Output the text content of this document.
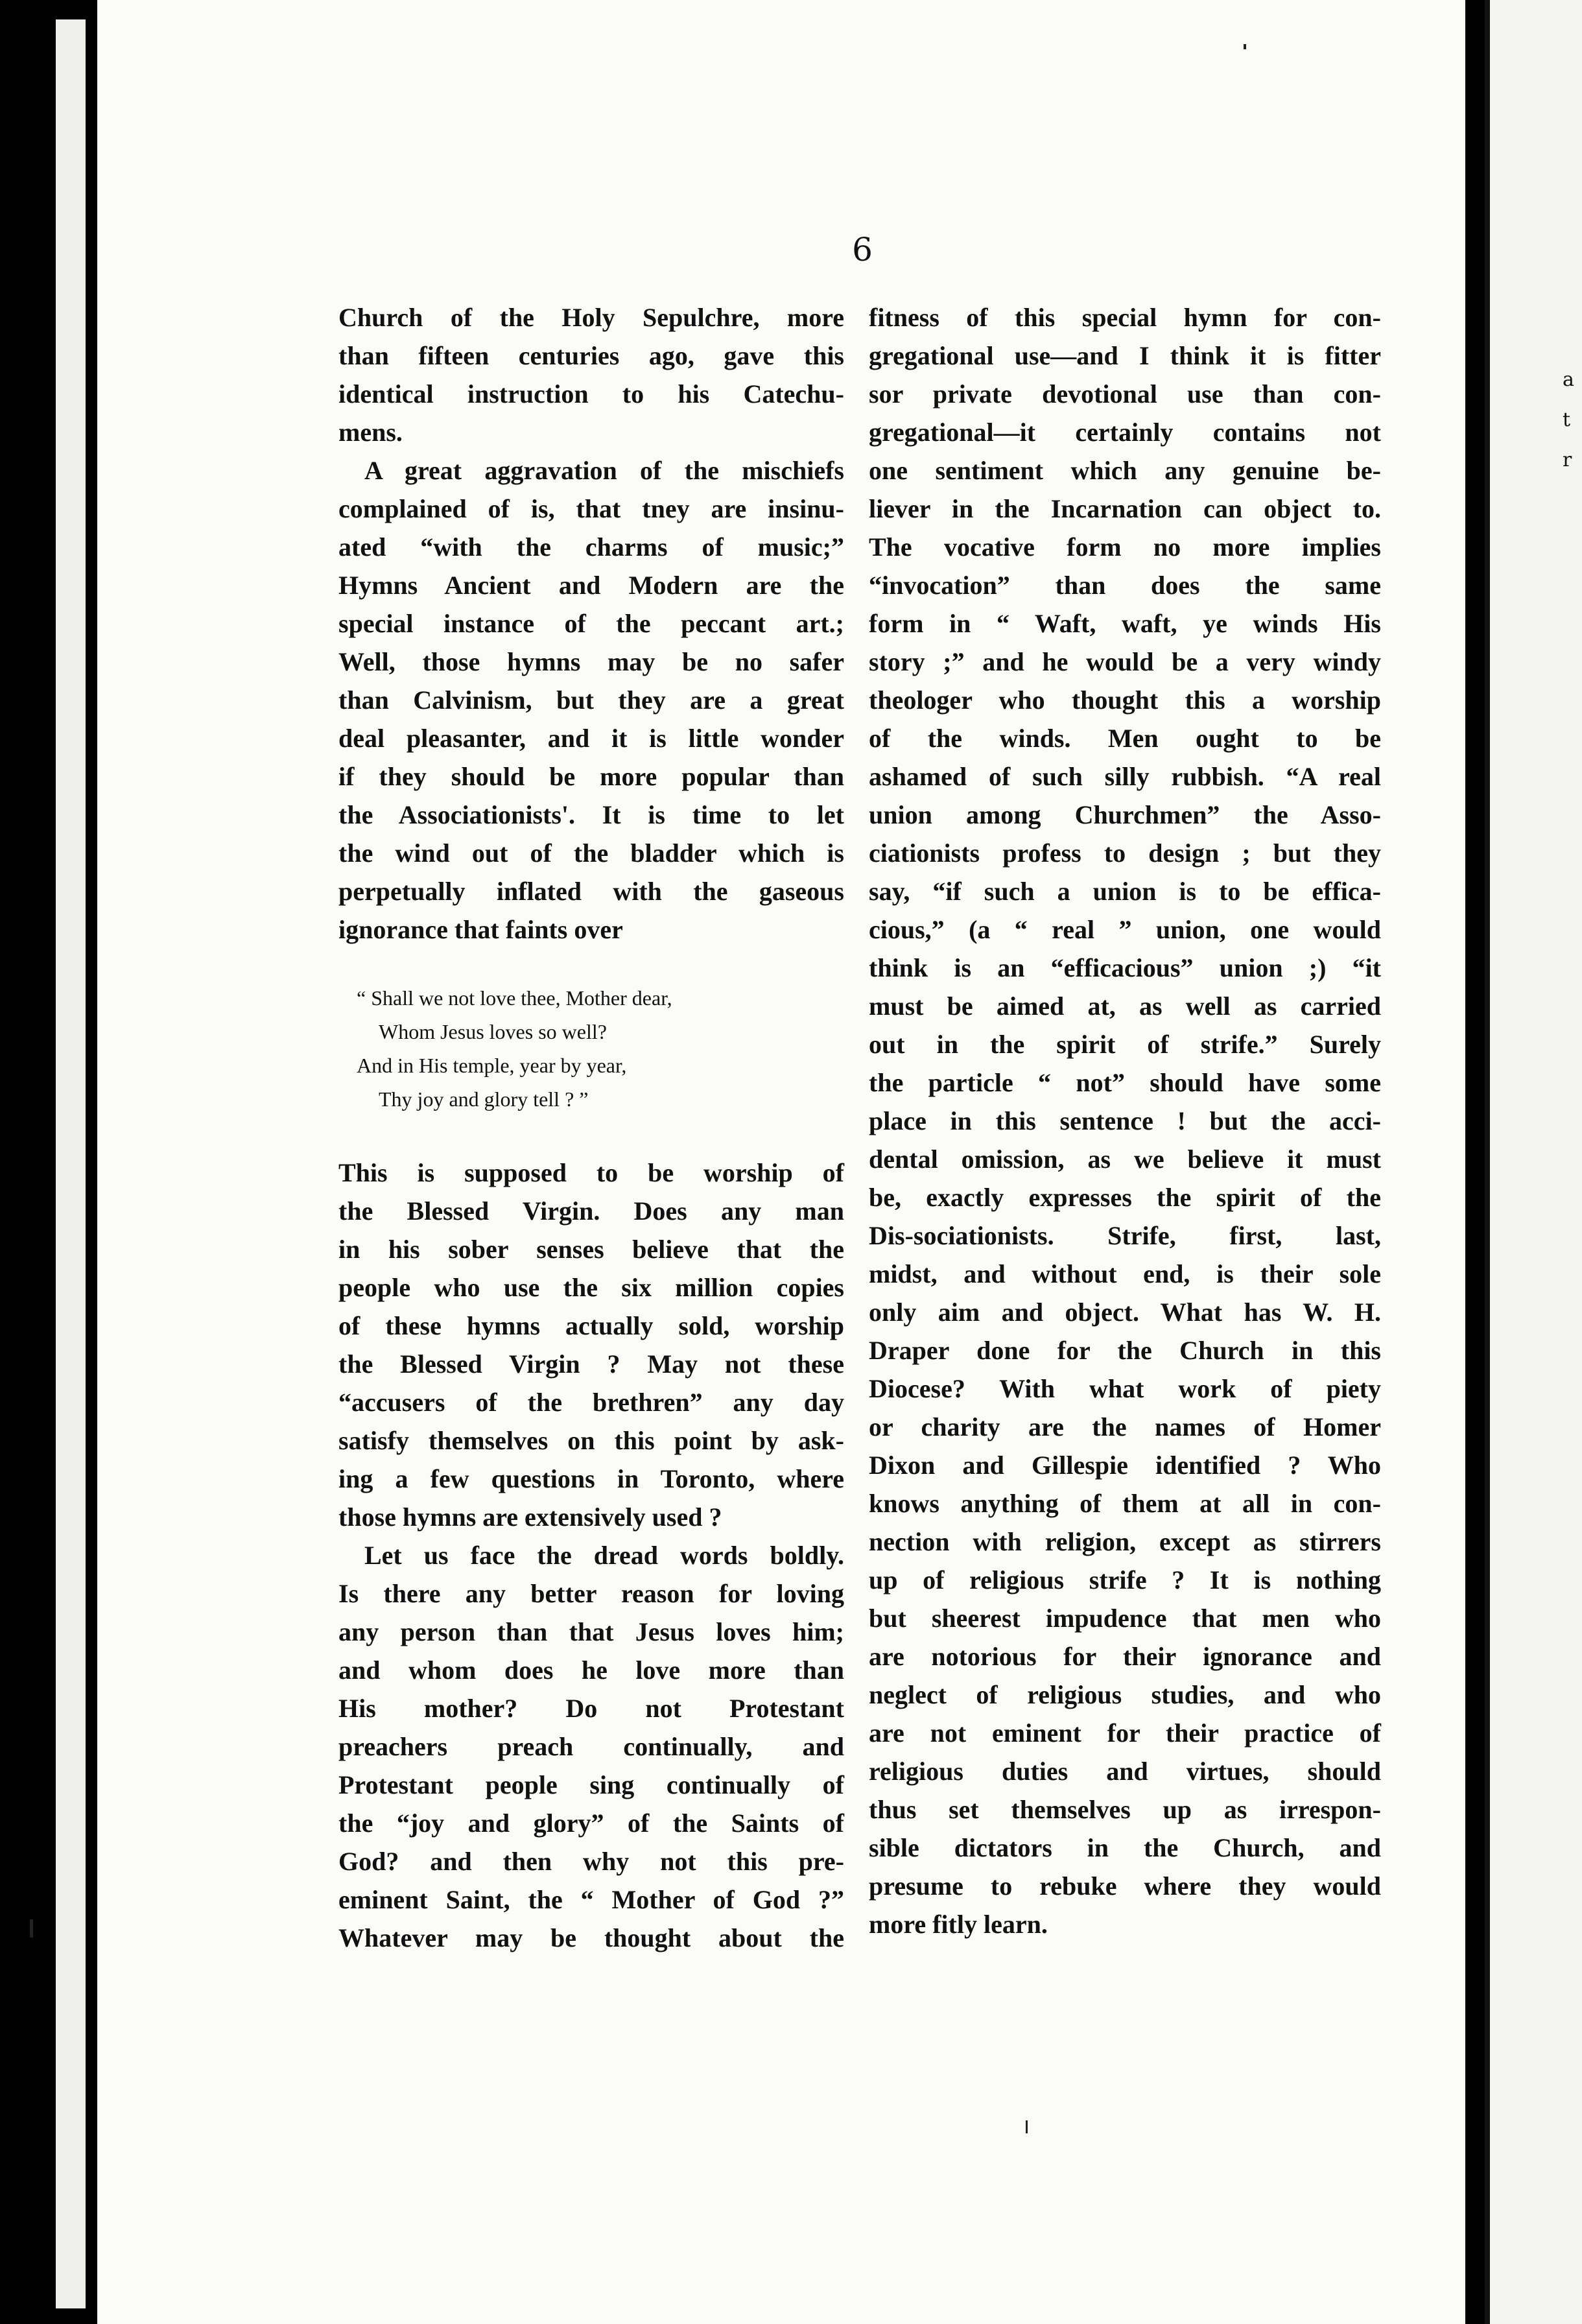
a
t
r
6
Church of the Holy Sepulchre, more
than fifteen centuries ago, gave this
identical instruction to his Catechu-
mens.
A great aggravation of the mischiefs
complained of is, that tney are insinu-
ated “with the charms of music;”
Hymns Ancient and Modern are the
special instance of the peccant art.;
Well, those hymns may be no safer
than Calvinism, but they are a great
deal pleasanter, and it is little wonder
if they should be more popular than
the Associationists'. It is time to let
the wind out of the bladder which is
perpetually inflated with the gaseous
ignorance that faints over
“ Shall we not love thee, Mother dear,
Whom Jesus loves so well?
And in His temple, year by year,
Thy joy and glory tell ? ”
This is supposed to be worship of
the Blessed Virgin. Does any man
in his sober senses believe that the
people who use the six million copies
of these hymns actually sold, worship
the Blessed Virgin ? May not these
“accusers of the brethren” any day
satisfy themselves on this point by ask-
ing a few questions in Toronto, where
those hymns are extensively used ?
Let us face the dread words boldly.
Is there any better reason for loving
any person than that Jesus loves him;
and whom does he love more than
His mother? Do not Protestant
preachers preach continually, and
Protestant people sing continually of
the “joy and glory” of the Saints of
God? and then why not this pre-
eminent Saint, the “ Mother of God ?”
Whatever may be thought about the
fitness of this special hymn for con-
gregational use—and I think it is fitter
sor private devotional use than con-
gregational—it certainly contains not
one sentiment which any genuine be-
liever in the Incarnation can object to.
The vocative form no more implies
“invocation” than does the same
form in “ Waft, waft, ye winds His
story ;” and he would be a very windy
theologer who thought this a worship
of the winds. Men ought to be
ashamed of such silly rubbish. “A real
union among Churchmen” the Asso-
ciationists profess to design ; but they
say, “if such a union is to be effica-
cious,” (a “ real ” union, one would
think is an “efficacious” union ;) “it
must be aimed at, as well as carried
out in the spirit of strife.” Surely
the particle “ not” should have some
place in this sentence ! but the acci-
dental omission, as we believe it must
be, exactly expresses the spirit of the
Dis-sociationists. Strife, first, last,
midst, and without end, is their sole
only aim and object. What has W. H.
Draper done for the Church in this
Diocese? With what work of piety
or charity are the names of Homer
Dixon and Gillespie identified ? Who
knows anything of them at all in con-
nection with religion, except as stirrers
up of religious strife ? It is nothing
but sheerest impudence that men who
are notorious for their ignorance and
neglect of religious studies, and who
are not eminent for their practice of
religious duties and virtues, should
thus set themselves up as irrespon-
sible dictators in the Church, and
presume to rebuke where they would
more fitly learn.
